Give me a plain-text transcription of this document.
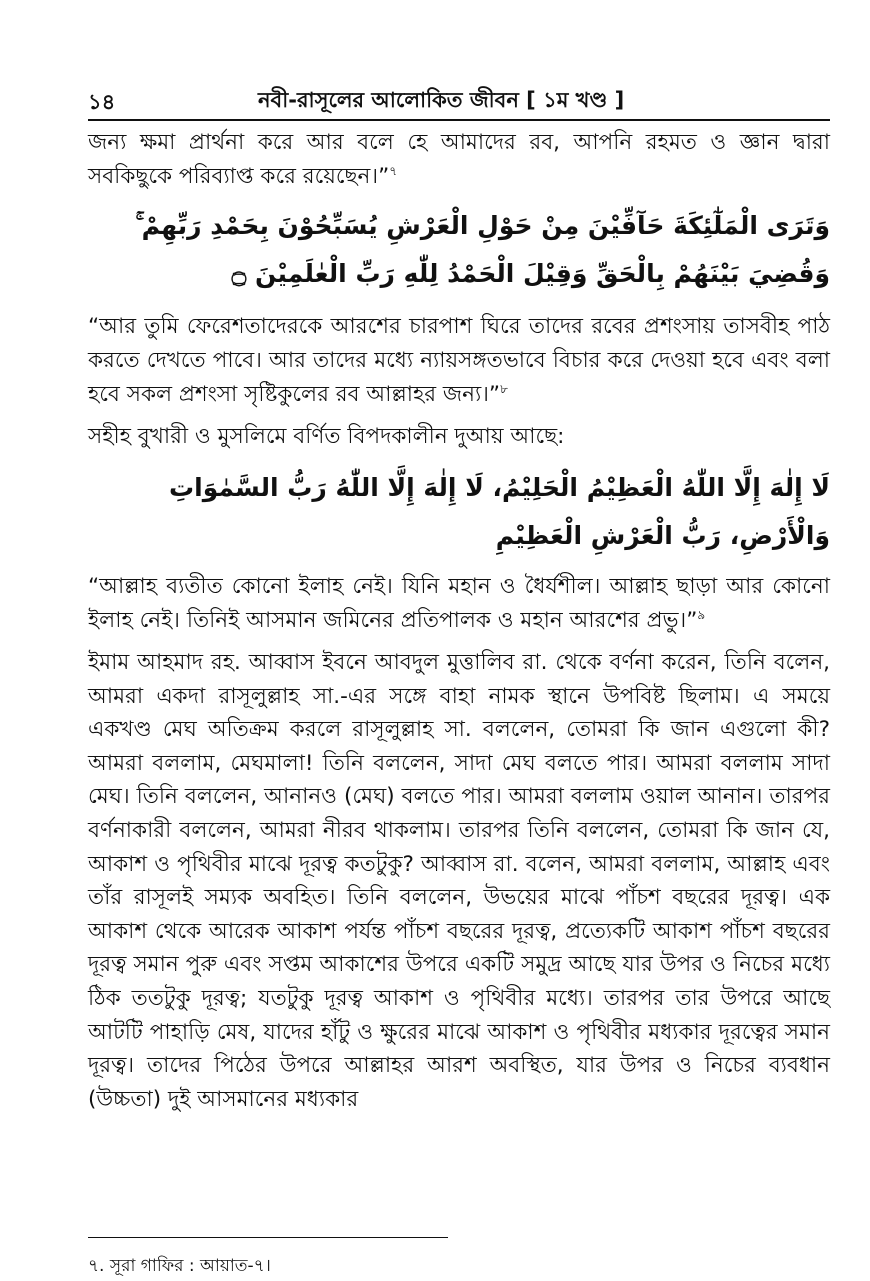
১৪	নবী-রাসূলের আলোকিত জীবন [ ১ম খণ্ড ]

জন্য ক্ষমা প্রার্থনা করে আর বলে হে আমাদের রব, আপনি রহমত ও জ্ঞান দ্বারা সবকিছুকে পরিব্যাপ্ত করে রয়েছেন।”$^৭$

وَتَرَى الْمَلٰٓئِكَةَ حَآفِّيْنَ مِنْ حَوْلِ الْعَرْشِ يُسَبِّحُوْنَ بِحَمْدِ رَبِّهِمْ ۚ وَقُضِيَ بَيْنَهُمْ بِالْحَقِّ وَقِيْلَ الْحَمْدُ لِلّٰهِ رَبِّ الْعٰلَمِيْنَ ۝

“আর তুমি ফেরেশতাদেরকে আরশের চারপাশ ঘিরে তাদের রবের প্রশংসায় তাসবীহ পাঠ করতে দেখতে পাবে। আর তাদের মধ্যে ন্যায়সঙ্গতভাবে বিচার করে দেওয়া হবে এবং বলা হবে সকল প্রশংসা সৃষ্টিকুলের রব আল্লাহর জন্য।”$^৮$

সহীহ বুখারী ও মুসলিমে বর্ণিত বিপদকালীন দুআয় আছে:

لَا إِلٰهَ إِلَّا اللّٰهُ الْعَظِيْمُ الْحَلِيْمُ، لَا إِلٰهَ إِلَّا اللّٰهُ رَبُّ السَّمٰوَاتِ وَالْأَرْضِ، رَبُّ الْعَرْشِ الْعَظِيْمِ

“আল্লাহ ব্যতীত কোনো ইলাহ নেই। যিনি মহান ও ধৈর্যশীল। আল্লাহ ছাড়া আর কোনো ইলাহ নেই। তিনিই আসমান জমিনের প্রতিপালক ও মহান আরশের প্রভু।”$^৯$

ইমাম আহমাদ রহ. আব্বাস ইবনে আবদুল মুত্তালিব রা. থেকে বর্ণনা করেন, তিনি বলেন, আমরা একদা রাসূলুল্লাহ সা.-এর সঙ্গে বাহা নামক স্থানে উপবিষ্ট ছিলাম। এ সময়ে একখণ্ড মেঘ অতিক্রম করলে রাসূলুল্লাহ সা. বললেন, তোমরা কি জান এগুলো কী? আমরা বললাম, মেঘমালা! তিনি বললেন, সাদা মেঘ বলতে পার। আমরা বললাম সাদা মেঘ। তিনি বললেন, আনানও (মেঘ) বলতে পার। আমরা বললাম ওয়াল আনান। তারপর বর্ণনাকারী বললেন, আমরা নীরব থাকলাম। তারপর তিনি বললেন, তোমরা কি জান যে, আকাশ ও পৃথিবীর মাঝে দূরত্ব কতটুকু? আব্বাস রা. বলেন, আমরা বললাম, আল্লাহ এবং তাঁর রাসূলই সম্যক অবহিত। তিনি বললেন, উভয়ের মাঝে পাঁচশ বছরের দূরত্ব। এক আকাশ থেকে আরেক আকাশ পর্যন্ত পাঁচশ বছরের দূরত্ব, প্রত্যেকটি আকাশ পাঁচশ বছরের দূরত্ব সমান পুরু এবং সপ্তম আকাশের উপরে একটি সমুদ্র আছে যার উপর ও নিচের মধ্যে ঠিক ততটুকু দূরত্ব; যতটুকু দূরত্ব আকাশ ও পৃথিবীর মধ্যে। তারপর তার উপরে আছে আটটি পাহাড়ি মেষ, যাদের হাঁটু ও ক্ষুরের মাঝে আকাশ ও পৃথিবীর মধ্যকার দূরত্বের সমান দূরত্ব। তাদের পিঠের উপরে আল্লাহর আরশ অবস্থিত, যার উপর ও নিচের ব্যবধান (উচ্চতা) দুই আসমানের মধ্যকার

৭. সূরা গাফির : আয়াত-৭।
